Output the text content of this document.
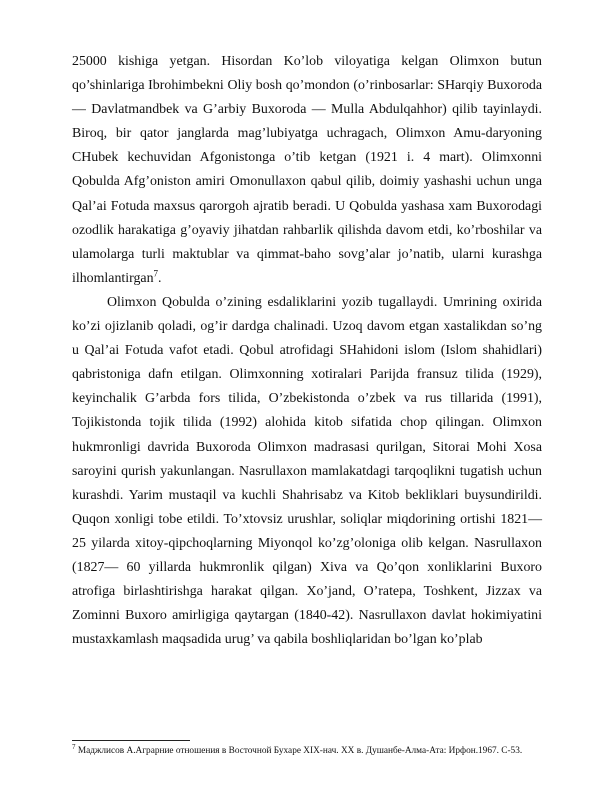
25000 kishiga yetgan. Hisordan Ko’lob viloyatiga kelgan Olimxon butun qo’shinlariga Ibrohimbekni Oliy bosh qo’mondon (o’rinbosarlar: SHarqiy Buxoroda — Davlatmandbek va G’arbiy Buxoroda — Mulla Abdulqahhor) qilib tayinlaydi. Biroq, bir qator janglarda mag’lubiyatga uchragach, Olimxon Amu-daryoning CHubek kechuvidan Afgonistonga o’tib ketgan (1921 i. 4 mart). Olimxonni Qobulda Afg’oniston amiri Omonullaxon qabul qilib, doimiy yashashi uchun unga Qal’ai Fotuda maxsus qarorgoh ajratib beradi. U Qobulda yashasa xam Buxorodagi ozodlik harakatiga g’oyaviy jihatdan rahbarlik qilishda davom etdi, ko’rboshilar va ulamolarga turli maktublar va qimmat-baho sovg’alar jo’natib, ularni kurashga ilhomlantirgan$^7$.

Olimxon Qobulda o’zining esdaliklarini yozib tugallaydi. Umrining oxirida ko’zi ojizlanib qoladi, og’ir dardga chalinadi. Uzoq davom etgan xastalikdan so’ng u Qal’ai Fotuda vafot etadi. Qobul atrofidagi SHahidoni islom (Islom shahidlari) qabristoniga dafn etilgan. Olimxonning xotiralari Parijda fransuz tilida (1929), keyinchalik G’arbda fors tilida, O’zbekistonda o’zbek va rus tillarida (1991), Tojikistonda tojik tilida (1992) alohida kitob sifatida chop qilingan. Olimxon hukmronligi davrida Buxoroda Olimxon madrasasi qurilgan, Sitorai Mohi Xosa saroyini qurish yakunlangan. Nasrullaxon mamlakatdagi tarqoqlikni tugatish uchun kurashdi. Yarim mustaqil va kuchli Shahrisabz va Kitob bekliklari buysundirildi. Quqon xonligi tobe etildi. To’xtovsiz urushlar, soliqlar miqdorining ortishi 1821—25 yilarda xitoy-qipchoqlarning Miyonqol ko’zg’oloniga olib kelgan. Nasrullaxon (1827— 60 yillarda hukmronlik qilgan) Xiva va Qo’qon xonliklarini Buxoro atrofiga birlashtirishga harakat qilgan. Xo’jand, O’ratepa, Toshkent, Jizzax va Zominni Buxoro amirligiga qaytargan (1840-42). Nasrullaxon davlat hokimiyatini mustaxkamlash maqsadida urug’ va qabila boshliqlaridan bo’lgan ko’plab

$^7$ Маджлисов А.Аграрние отношения в Восточной Бухаре XIX-нач. XX в. Душанбе-Алма-Ата: Ирфон.1967. С-53.
